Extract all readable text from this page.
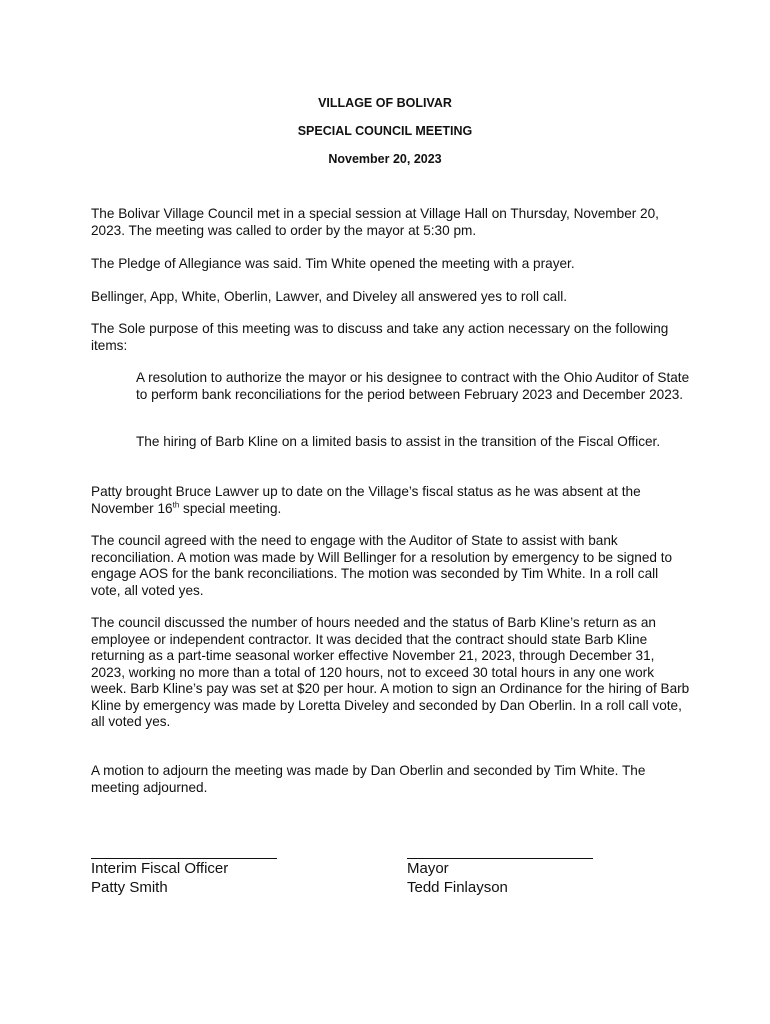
VILLAGE OF BOLIVAR
SPECIAL COUNCIL MEETING
November 20, 2023
The Bolivar Village Council met in a special session at Village Hall on Thursday, November 20, 2023. The meeting was called to order by the mayor at 5:30 pm.
The Pledge of Allegiance was said. Tim White opened the meeting with a prayer.
Bellinger, App, White, Oberlin, Lawver, and Diveley all answered yes to roll call.
The Sole purpose of this meeting was to discuss and take any action necessary on the following items:
A resolution to authorize the mayor or his designee to contract with the Ohio Auditor of State to perform bank reconciliations for the period between February 2023 and December 2023.
The hiring of Barb Kline on a limited basis to assist in the transition of the Fiscal Officer.
Patty brought Bruce Lawver up to date on the Village’s fiscal status as he was absent at the November 16th special meeting.
The council agreed with the need to engage with the Auditor of State to assist with bank reconciliation. A motion was made by Will Bellinger for a resolution by emergency to be signed to engage AOS for the bank reconciliations. The motion was seconded by Tim White. In a roll call vote, all voted yes.
The council discussed the number of hours needed and the status of Barb Kline’s return as an employee or independent contractor. It was decided that the contract should state Barb Kline returning as a part-time seasonal worker effective November 21, 2023, through December 31, 2023, working no more than a total of 120 hours, not to exceed 30 total hours in any one work week. Barb Kline’s pay was set at $20 per hour. A motion to sign an Ordinance for the hiring of Barb Kline by emergency was made by Loretta Diveley and seconded by Dan Oberlin. In a roll call vote, all voted yes.
A motion to adjourn the meeting was made by Dan Oberlin and seconded by Tim White. The meeting adjourned.
Interim Fiscal Officer
Patty Smith
Mayor
Tedd Finlayson
